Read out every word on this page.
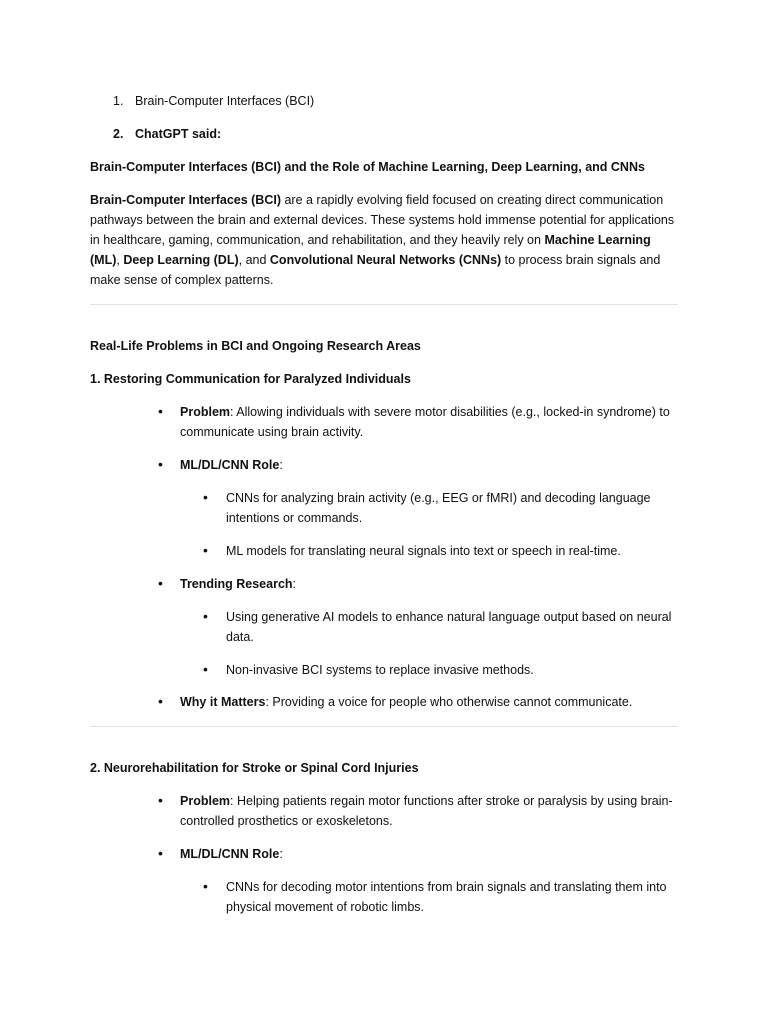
1. Brain-Computer Interfaces (BCI)

2. ChatGPT said:

Brain-Computer Interfaces (BCI) and the Role of Machine Learning, Deep Learning, and CNNs

Brain-Computer Interfaces (BCI) are a rapidly evolving field focused on creating direct communication pathways between the brain and external devices. These systems hold immense potential for applications in healthcare, gaming, communication, and rehabilitation, and they heavily rely on Machine Learning (ML), Deep Learning (DL), and Convolutional Neural Networks (CNNs) to process brain signals and make sense of complex patterns.

Real-Life Problems in BCI and Ongoing Research Areas

1. Restoring Communication for Paralyzed Individuals

• Problem: Allowing individuals with severe motor disabilities (e.g., locked-in syndrome) to communicate using brain activity.

• ML/DL/CNN Role:

• CNNs for analyzing brain activity (e.g., EEG or fMRI) and decoding language intentions or commands.

• ML models for translating neural signals into text or speech in real-time.

• Trending Research:

• Using generative AI models to enhance natural language output based on neural data.

• Non-invasive BCI systems to replace invasive methods.

• Why it Matters: Providing a voice for people who otherwise cannot communicate.

2. Neurorehabilitation for Stroke or Spinal Cord Injuries

• Problem: Helping patients regain motor functions after stroke or paralysis by using brain-controlled prosthetics or exoskeletons.

• ML/DL/CNN Role:

• CNNs for decoding motor intentions from brain signals and translating them into physical movement of robotic limbs.
